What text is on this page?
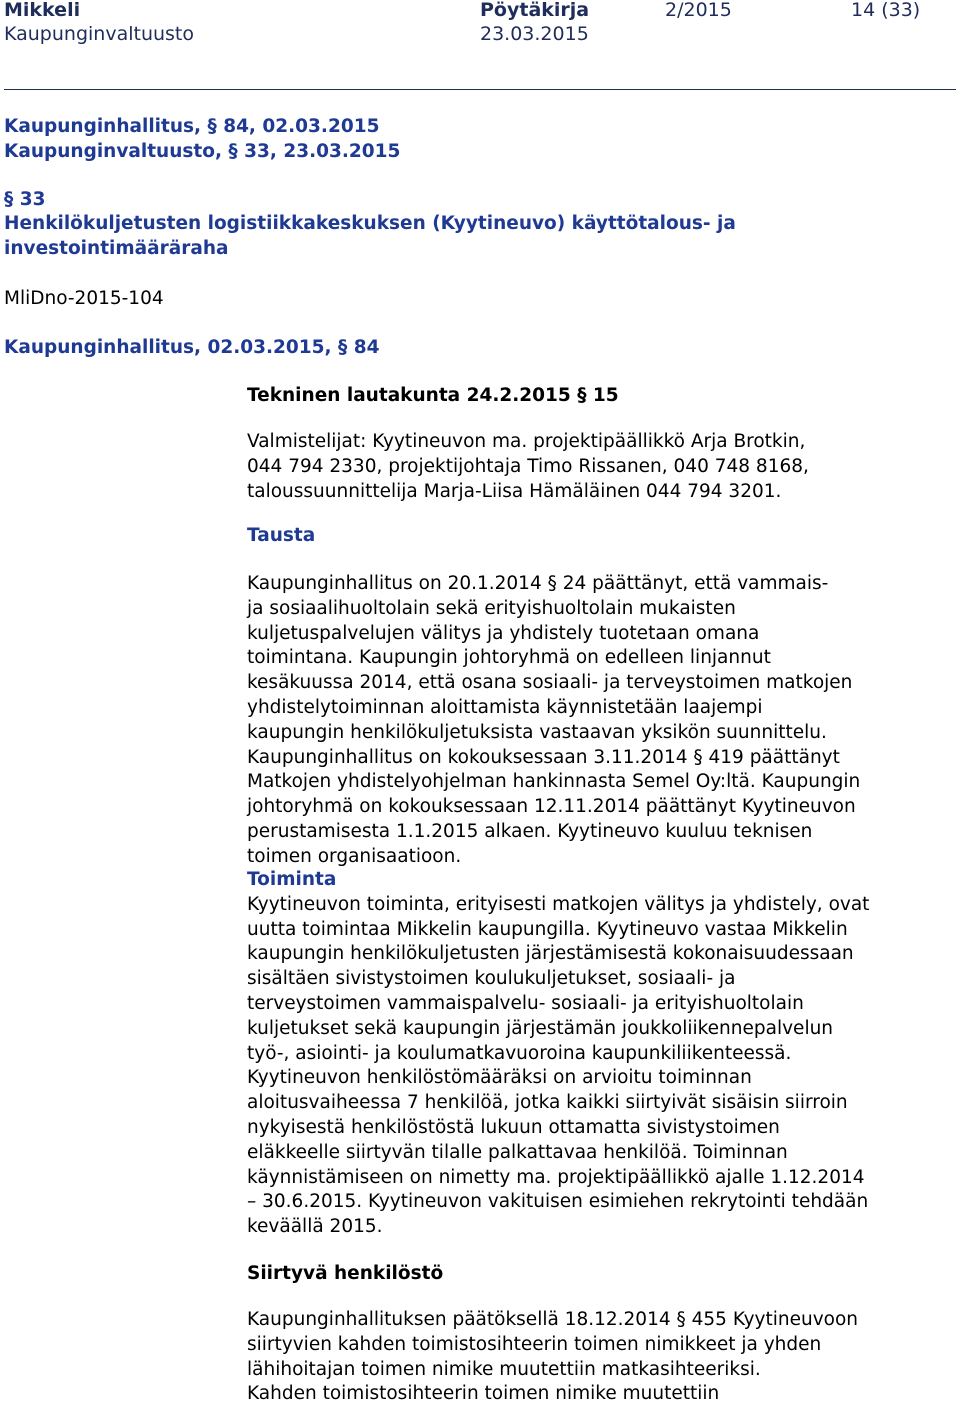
Mikkeli
Kaupunginvaltuusto
Pöytäkirja
23.03.2015
2/2015	14 (33)
Kaupunginhallitus, § 84, 02.03.2015
Kaupunginvaltuusto, § 33, 23.03.2015
§ 33
Henkilökuljetusten logistiikkakeskuksen (Kyytineuvo) käyttötalous- ja
investointimääräraha
MliDno-2015-104
Kaupunginhallitus, 02.03.2015, § 84
Tekninen lautakunta 24.2.2015 § 15
Valmistelijat: Kyytineuvon ma. projektipäällikkö Arja Brotkin,
044 794 2330, projektijohtaja Timo Rissanen, 040 748 8168,
taloussuunnittelija Marja-Liisa Hämäläinen 044 794 3201.
Tausta
Kaupunginhallitus on 20.1.2014 § 24 päättänyt, että vammais-
ja sosiaalihuoltolain sekä erityishuoltolain mukaisten
kuljetuspalvelujen välitys ja yhdistely tuotetaan omana
toimintana. Kaupungin johtoryhmä on edelleen linjannut
kesäkuussa 2014, että osana sosiaali- ja terveystoimen matkojen
yhdistelytoiminnan aloittamista käynnistetään laajempi
kaupungin henkilökuljetuksista vastaavan yksikön suunnittelu.
Kaupunginhallitus on kokouksessaan 3.11.2014 § 419 päättänyt
Matkojen yhdistelyohjelman hankinnasta Semel Oy:ltä. Kaupungin
johtoryhmä on kokouksessaan 12.11.2014 päättänyt Kyytineuvon
perustamisesta 1.1.2015 alkaen. Kyytineuvo kuuluu teknisen
toimen organisaatioon.
Toiminta
Kyytineuvon toiminta, erityisesti matkojen välitys ja yhdistely, ovat
uutta toimintaa Mikkelin kaupungilla. Kyytineuvo vastaa Mikkelin
kaupungin henkilökuljetusten järjestämisestä kokonaisuudessaan
sisältäen sivistystoimen koulukuljetukset, sosiaali- ja
terveystoimen vammaispalvelu- sosiaali- ja erityishuoltolain
kuljetukset sekä kaupungin järjestämän joukkoliikennepalvelun
työ-, asiointi- ja koulumatkavuoroina kaupunkiliikenteessä.
Kyytineuvon henkilöstömääräksi on arvioitu toiminnan
aloitusvaiheessa 7 henkilöä, jotka kaikki siirtyivät sisäisin siirroin
nykyisestä henkilöstöstä lukuun ottamatta sivistystoimen
eläkkeelle siirtyvän tilalle palkattavaa henkilöä. Toiminnan
käynnistämiseen on nimetty ma. projektipäällikkö ajalle 1.12.2014
– 30.6.2015. Kyytineuvon vakituisen esimiehen rekrytointi tehdään
keväällä 2015.
Siirtyvä henkilöstö
Kaupunginhallituksen päätöksellä 18.12.2014 § 455 Kyytineuvoon
siirtyvien kahden toimistosihteerin toimen nimikkeet ja yhden
lähihoitajan toimen nimike muutettiin matkasihteeriksi.
Kahden toimistosihteerin toimen nimike muutettiin
